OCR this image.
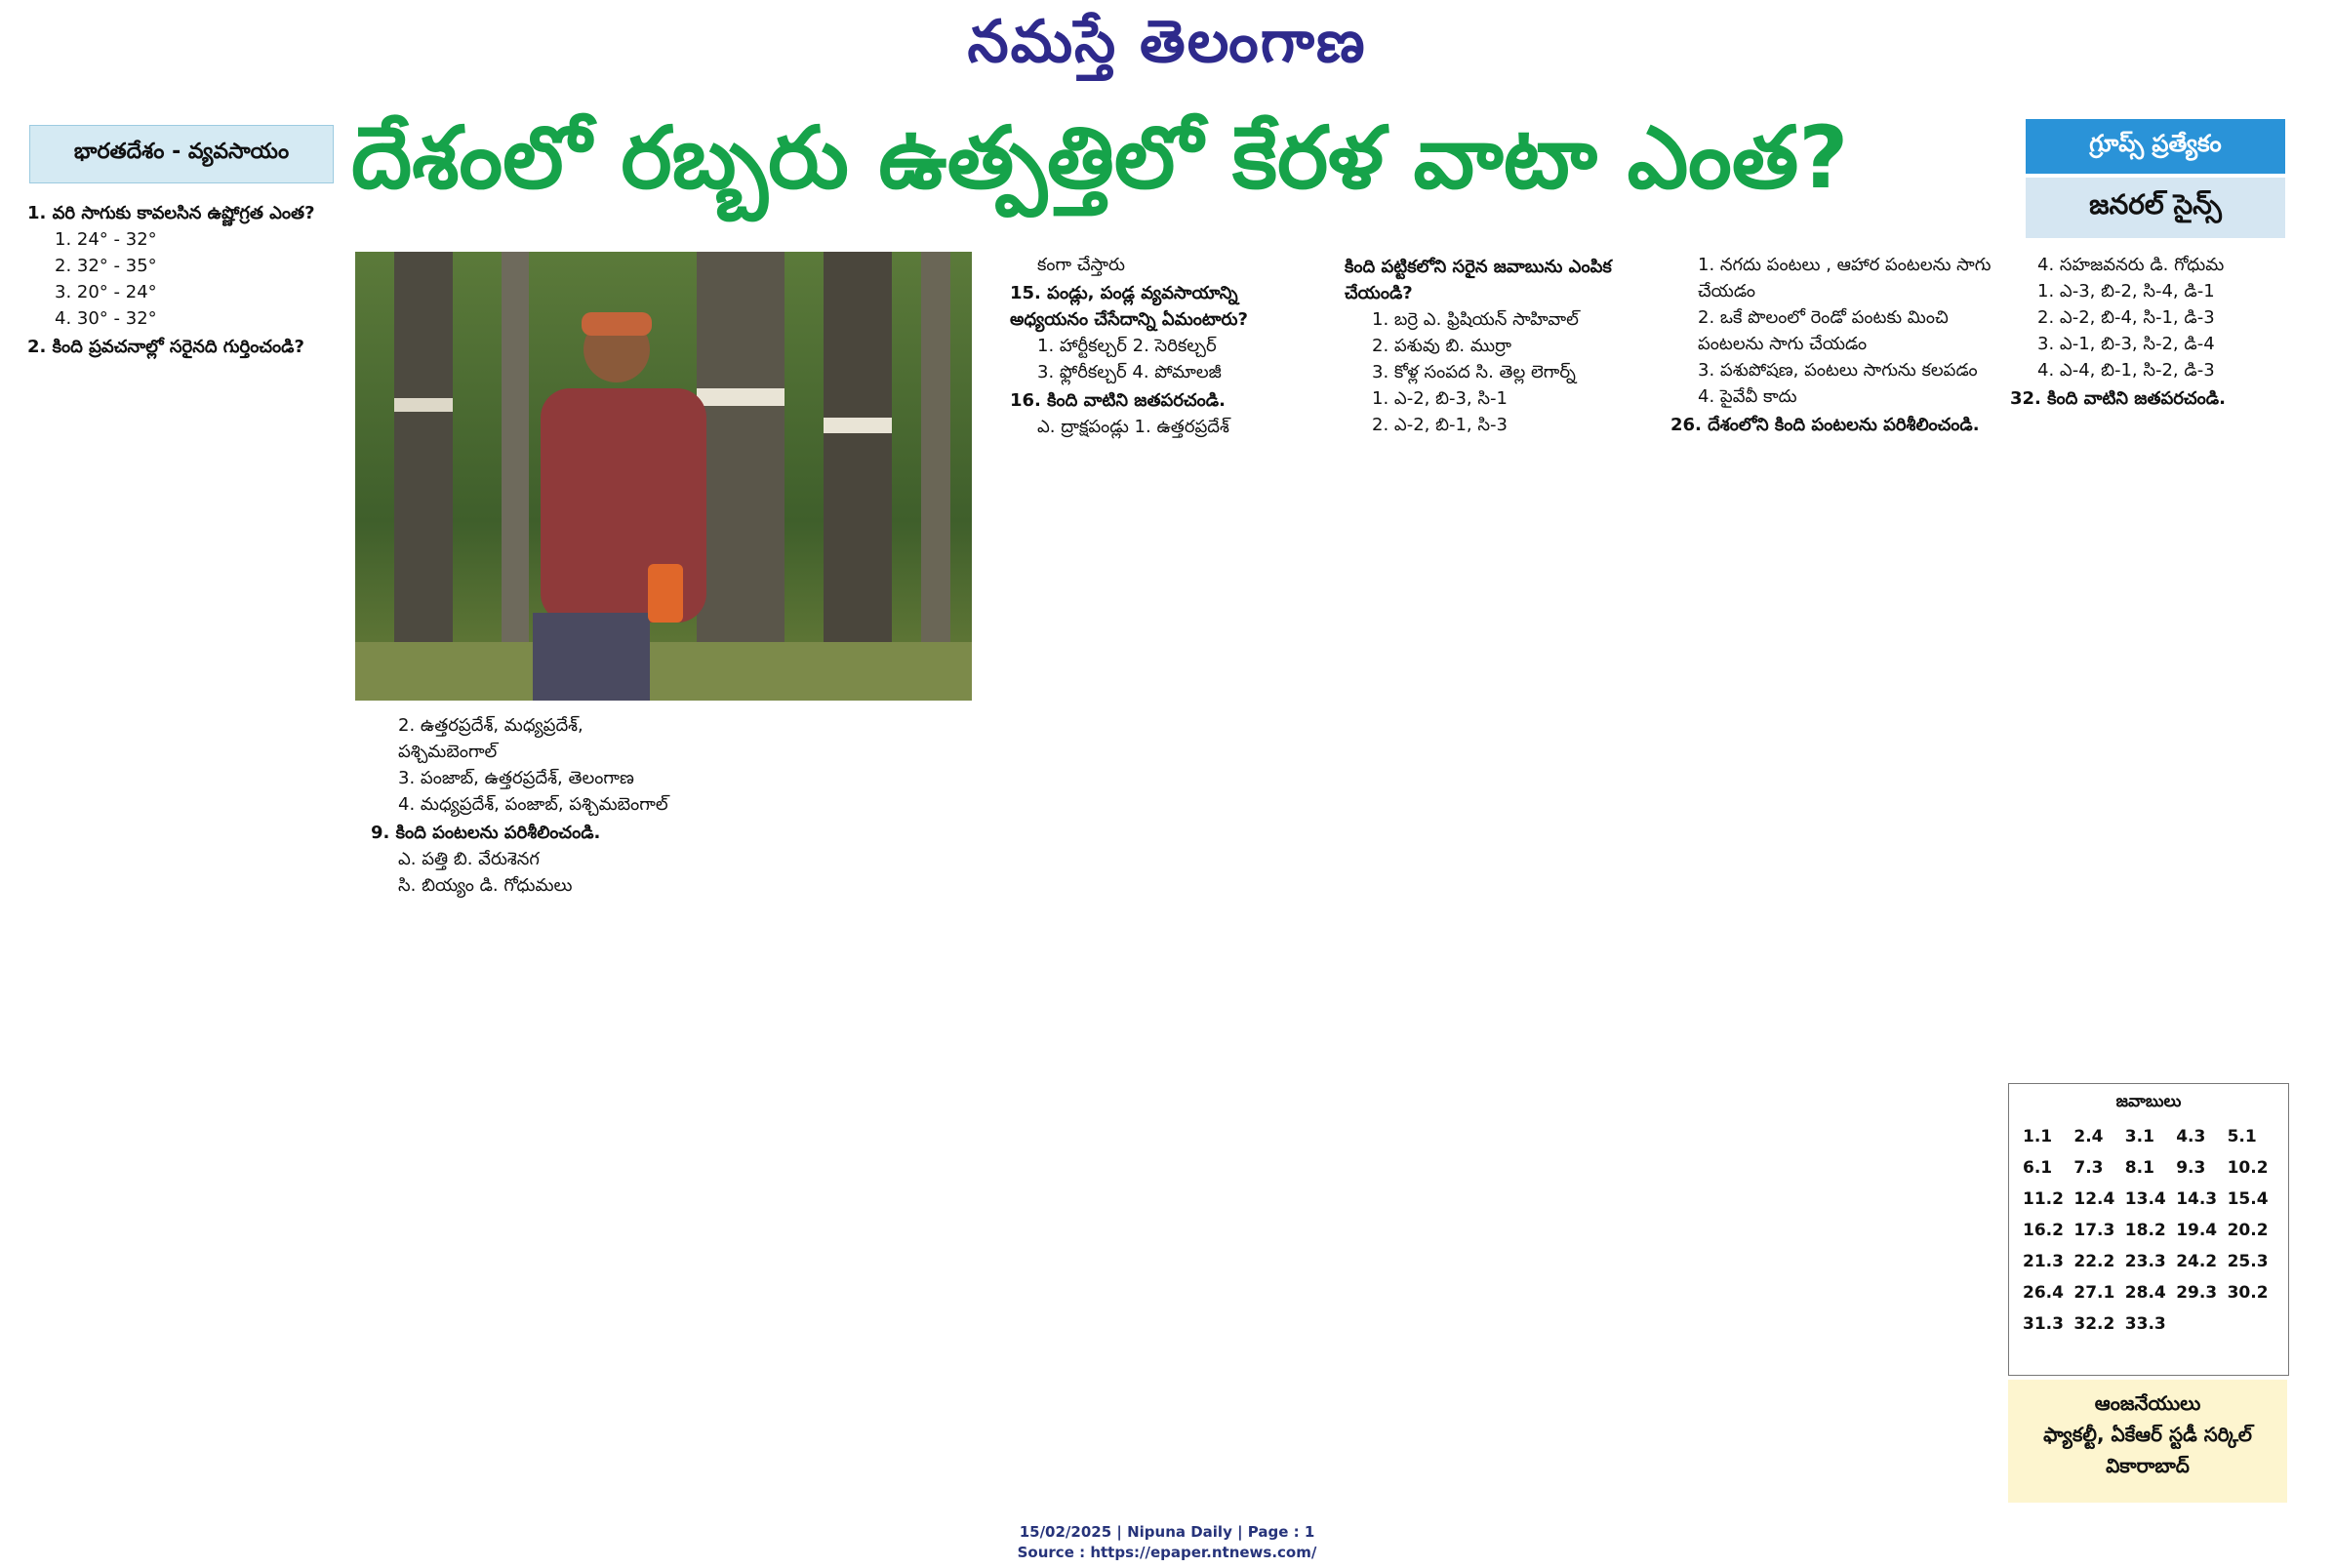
నమస్తే తెలంగాణ
భారతదేశం - వ్యవసాయం దేశంలో రబ్బరు ఉత్పత్తిలో కేరళ వాటా ఎంత?	గ్రూప్స్ ప్రత్యేకం
జనరల్ సైన్స్
1. వరి సాగుకు కావలసిన ఉష్ణోగ్రత ఎంత?
1. 24° - 32°
2. 32° - 35°
3. 20° - 24°
4. 30° - 32°
2. కింది ప్రవచనాల్లో సరైనది గుర్తించండి?
2. ఉత్తరప్రదేశ్, మధ్యప్రదేశ్, పశ్చిమబెంగాల్
3. పంజాబ్, ఉత్తరప్రదేశ్, తెలంగాణ
4. మధ్యప్రదేశ్, పంజాబ్, పశ్చిమబెంగాల్
9. కింది పంటలను పరిశీలించండి.
ఎ. పత్తి బి. వేరుశెనగ
సి. బియ్యం డి. గోధుమలు
కంగా చేస్తారు
15. పండ్లు, పండ్ల వ్యవసాయాన్ని అధ్యయనం చేసేదాన్ని ఏమంటారు?
1. హార్టీకల్చర్ 2. సెరికల్చర్
3. ఫ్లోరీకల్చర్ 4. పోమాలజీ
16. కింది వాటిని జతపరచండి.
ఎ. ద్రాక్షపండ్లు 1. ఉత్తరప్రదేశ్
కింది పట్టికలోని సరైన జవాబును ఎంపిక చేయండి?
1. బర్రె ఎ. ఫ్రిషియన్ సాహివాల్
2. పశువు బి. ముర్రా
3. కోళ్ల సంపద సి. తెల్ల లెగార్న్
1. ఎ-2, బి-3, సి-1
2. ఎ-2, బి-1, సి-3
1. నగదు పంటలు , ఆహార పంటలను సాగు చేయడం
2. ఒకే పొలంలో రెండో పంటకు మించి పంటలను సాగు చేయడం
3. పశుపోషణ, పంటలు సాగును కలపడం
4. పైవేవీ కాదు
26. దేశంలోని కింది పంటలను పరిశీలించండి.
4. సహజవనరు డి. గోధుమ
1. ఎ-3, బి-2, సి-4, డి-1
2. ఎ-2, బి-4, సి-1, డి-3
3. ఎ-1, బి-3, సి-2, డి-4
4. ఎ-4, బి-1, సి-2, డి-3
32. కింది వాటిని జతపరచండి.
జవాబులు
1.1	2.4	3.1	4.3	5.1
6.1	7.3	8.1	9.3	10.2
11.2 12.4 13.4 14.3 15.4
16.2 17.3 18.2 19.4 20.2
21.3 22.2 23.3 24.2 25.3
26.4 27.1 28.4 29.3 30.2
31.3 32.2 33.3
ఆంజనేయులు
ఫ్యాకల్టీ, ఏకేఆర్ స్టడీ సర్కిల్
వికారాబాద్
15/02/2025 | Nipuna Daily | Page : 1
Source : https://epaper.ntnews.com/
